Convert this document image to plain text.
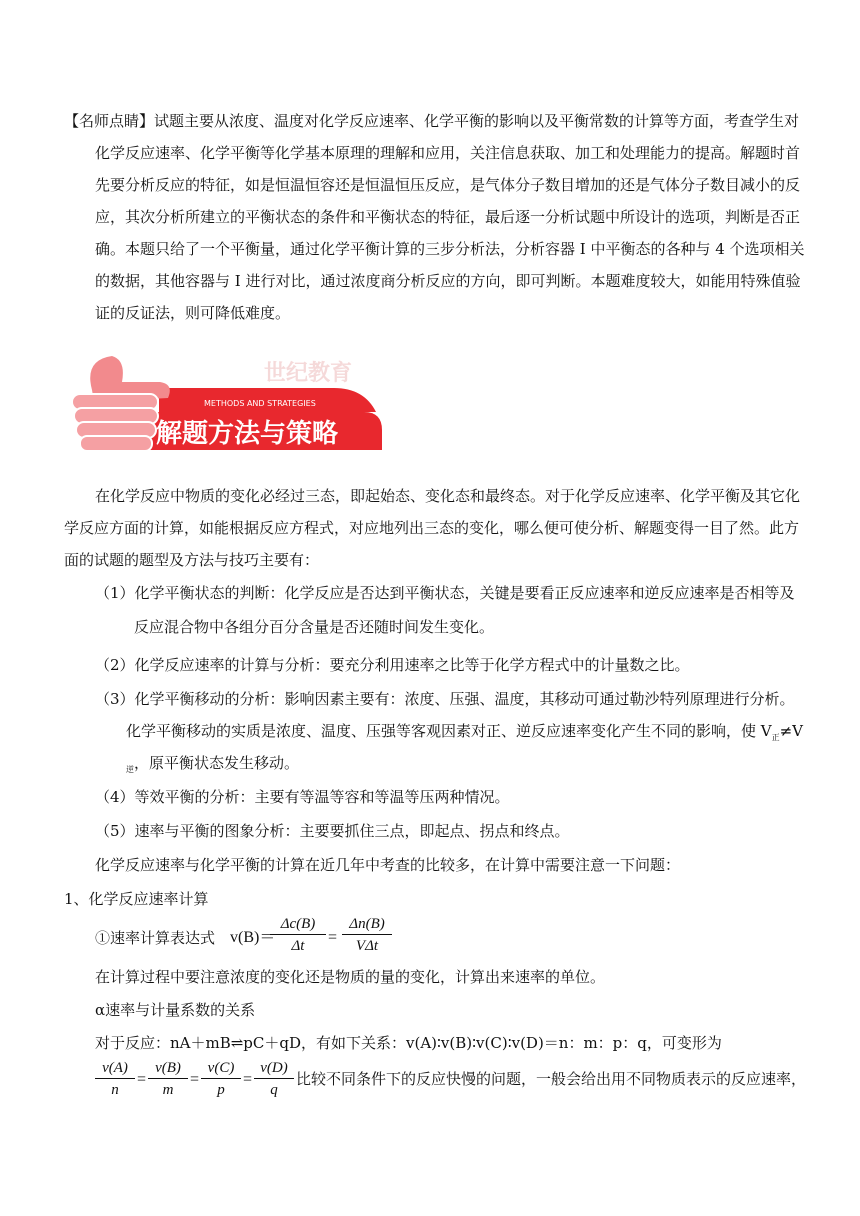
【名师点睛】试题主要从浓度、温度对化学反应速率、化学平衡的影响以及平衡常数的计算等方面，考查学生对
化学反应速率、化学平衡等化学基本原理的理解和应用，关注信息获取、加工和处理能力的提高。解题时首
先要分析反应的特征，如是恒温恒容还是恒温恒压反应，是气体分子数目增加的还是气体分子数目减小的反
应，其次分析所建立的平衡状态的条件和平衡状态的特征，最后逐一分析试题中所设计的选项，判断是否正
确。本题只给了一个平衡量，通过化学平衡计算的三步分析法，分析容器 I 中平衡态的各种与 4 个选项相关
的数据，其他容器与 I 进行对比，通过浓度商分析反应的方向，即可判断。本题难度较大，如能用特殊值验
证的反证法，则可降低难度。
世纪教育
METHODS AND STRATEGIES
解题方法与策略
在化学反应中物质的变化必经过三态，即起始态、变化态和最终态。对于化学反应速率、化学平衡及其它化
学反应方面的计算，如能根据反应方程式，对应地列出三态的变化，哪么便可使分析、解题变得一目了然。此方
面的试题的题型及方法与技巧主要有：
（1）化学平衡状态的判断：化学反应是否达到平衡状态，关键是要看正反应速率和逆反应速率是否相等及
反应混合物中各组分百分含量是否还随时间发生变化。
（2）化学反应速率的计算与分析：要充分利用速率之比等于化学方程式中的计量数之比。
（3）化学平衡移动的分析：影响因素主要有：浓度、压强、温度，其移动可通过勒沙特列原理进行分析。
化学平衡移动的实质是浓度、温度、压强等客观因素对正、逆反应速率变化产生不同的影响，使 $V_正\ne V$
$_逆$，原平衡状态发生移动。
（4）等效平衡的分析：主要有等温等容和等温等压两种情况。
（5）速率与平衡的图象分析：主要要抓住三点，即起点、拐点和终点。
化学反应速率与化学平衡的计算在近几年中考查的比较多，在计算中需要注意一下问题：
1、化学反应速率计算
①速率计算表达式 v(B)＝
$\frac{\Delta c(B)}{\Delta t}$ =
Δn(B)
VΔt
在计算过程中要注意浓度的变化还是物质的量的变化，计算出来速率的单位。
α速率与计量系数的关系
对于反应：nA＋mB⇌pC＋qD，有如下关系：v(A)∶v(B)∶v(C)∶v(D)＝n：m：p：q，可变形为
$\frac{v(A)}{n} = \frac{v(B)}{m} = \frac{v(C)}{p} = \frac{v(D)}{q}$ 比较不同条件下的反应快慢的问题，一般会给出用不同物质表示的反应速率，
